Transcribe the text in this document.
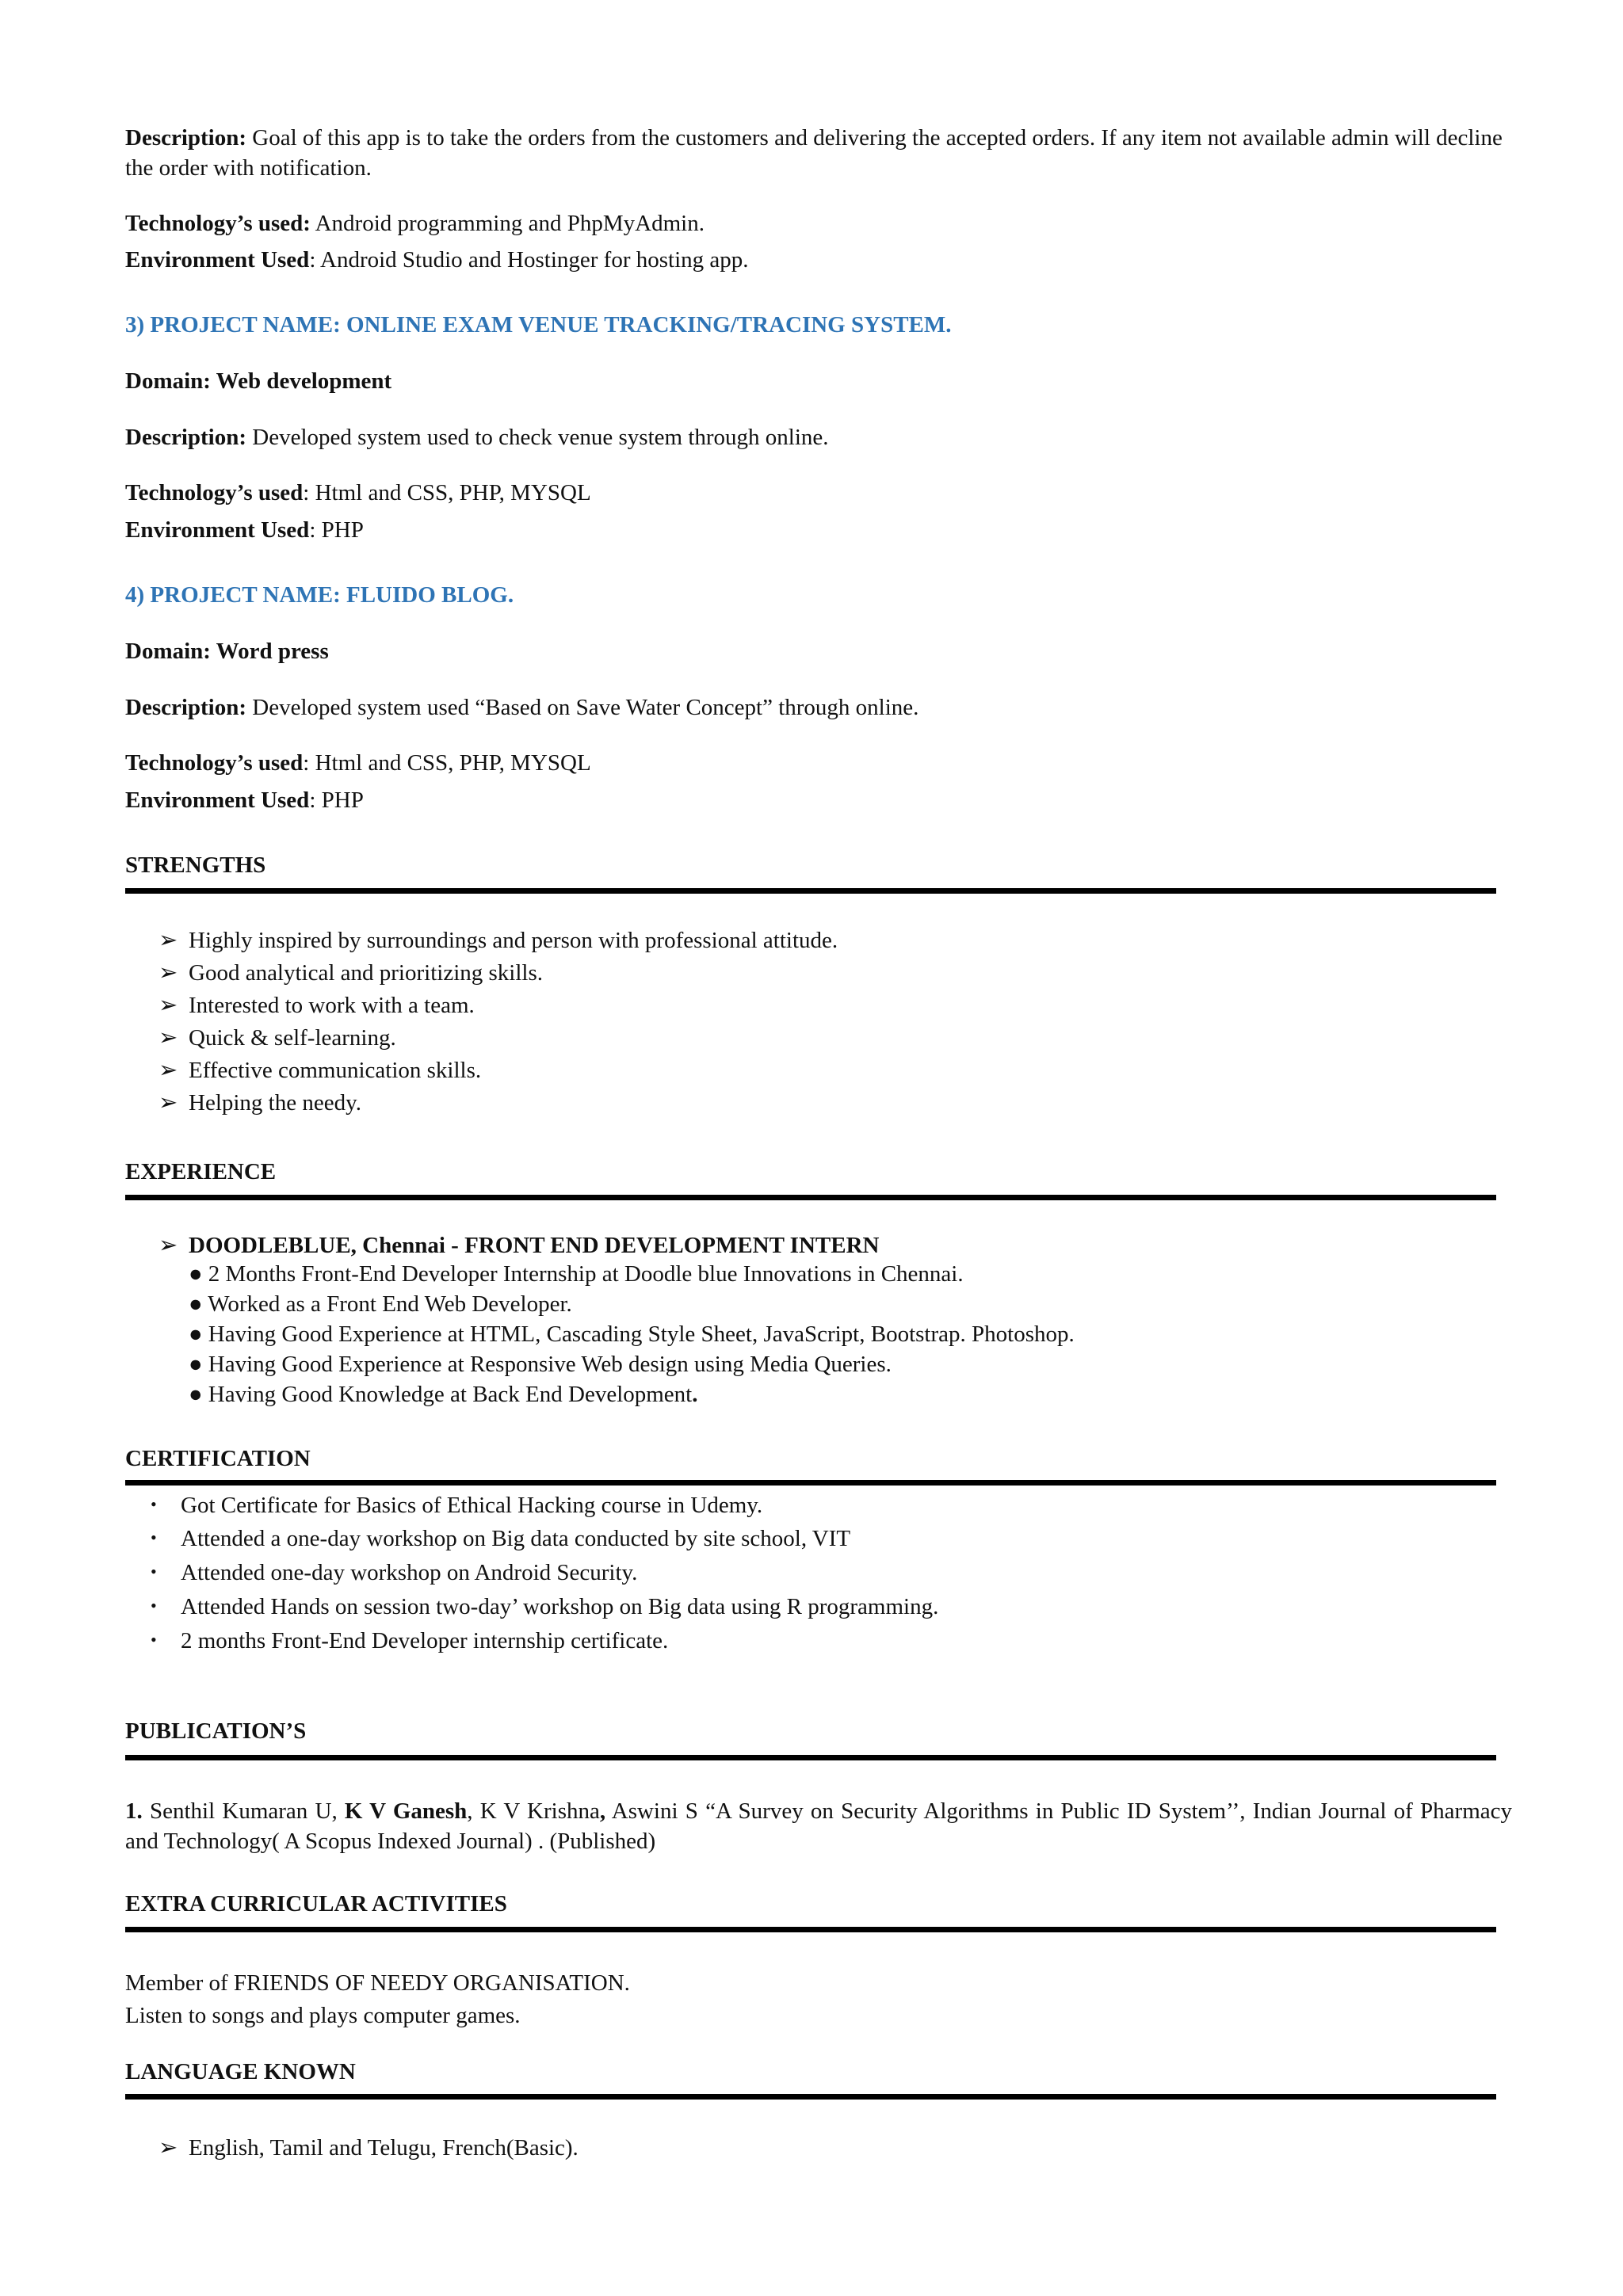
Description: Goal of this app is to take the orders from the customers and delivering the accepted orders. If any item not available admin will decline the order with notification.
Technology’s used: Android programming and PhpMyAdmin.
Environment Used: Android Studio and Hostinger for hosting app.
3) PROJECT NAME: ONLINE EXAM VENUE TRACKING/TRACING SYSTEM.
Domain: Web development
Description: Developed system used to check venue system through online.
Technology’s used: Html and CSS, PHP, MYSQL
Environment Used: PHP
4) PROJECT NAME: FLUIDO BLOG.
Domain: Word press
Description: Developed system used “Based on Save Water Concept” through online.
Technology’s used: Html and CSS, PHP, MYSQL
Environment Used: PHP
STRENGTHS
➢ Highly inspired by surroundings and person with professional attitude.
➢ Good analytical and prioritizing skills.
➢ Interested to work with a team.
➢ Quick & self-learning.
➢ Effective communication skills.
➢ Helping the needy.
EXPERIENCE
➢ DOODLEBLUE, Chennai - FRONT END DEVELOPMENT INTERN
● 2 Months Front-End Developer Internship at Doodle blue Innovations in Chennai.
● Worked as a Front End Web Developer.
● Having Good Experience at HTML, Cascading Style Sheet, JavaScript, Bootstrap. Photoshop.
● Having Good Experience at Responsive Web design using Media Queries.
● Having Good Knowledge at Back End Development.
CERTIFICATION
• Got Certificate for Basics of Ethical Hacking course in Udemy.
• Attended a one-day workshop on Big data conducted by site school, VIT
• Attended one-day workshop on Android Security.
• Attended Hands on session two-day’ workshop on Big data using R programming.
• 2 months Front-End Developer internship certificate.
PUBLICATION’S
1. Senthil Kumaran U, K V Ganesh, K V Krishna, Aswini S “A Survey on Security Algorithms in Public ID System’’, Indian Journal of Pharmacy and Technology( A Scopus Indexed Journal) . (Published)
EXTRA CURRICULAR ACTIVITIES
Member of FRIENDS OF NEEDY ORGANISATION.
Listen to songs and plays computer games.
LANGUAGE KNOWN
➢ English, Tamil and Telugu, French(Basic).
